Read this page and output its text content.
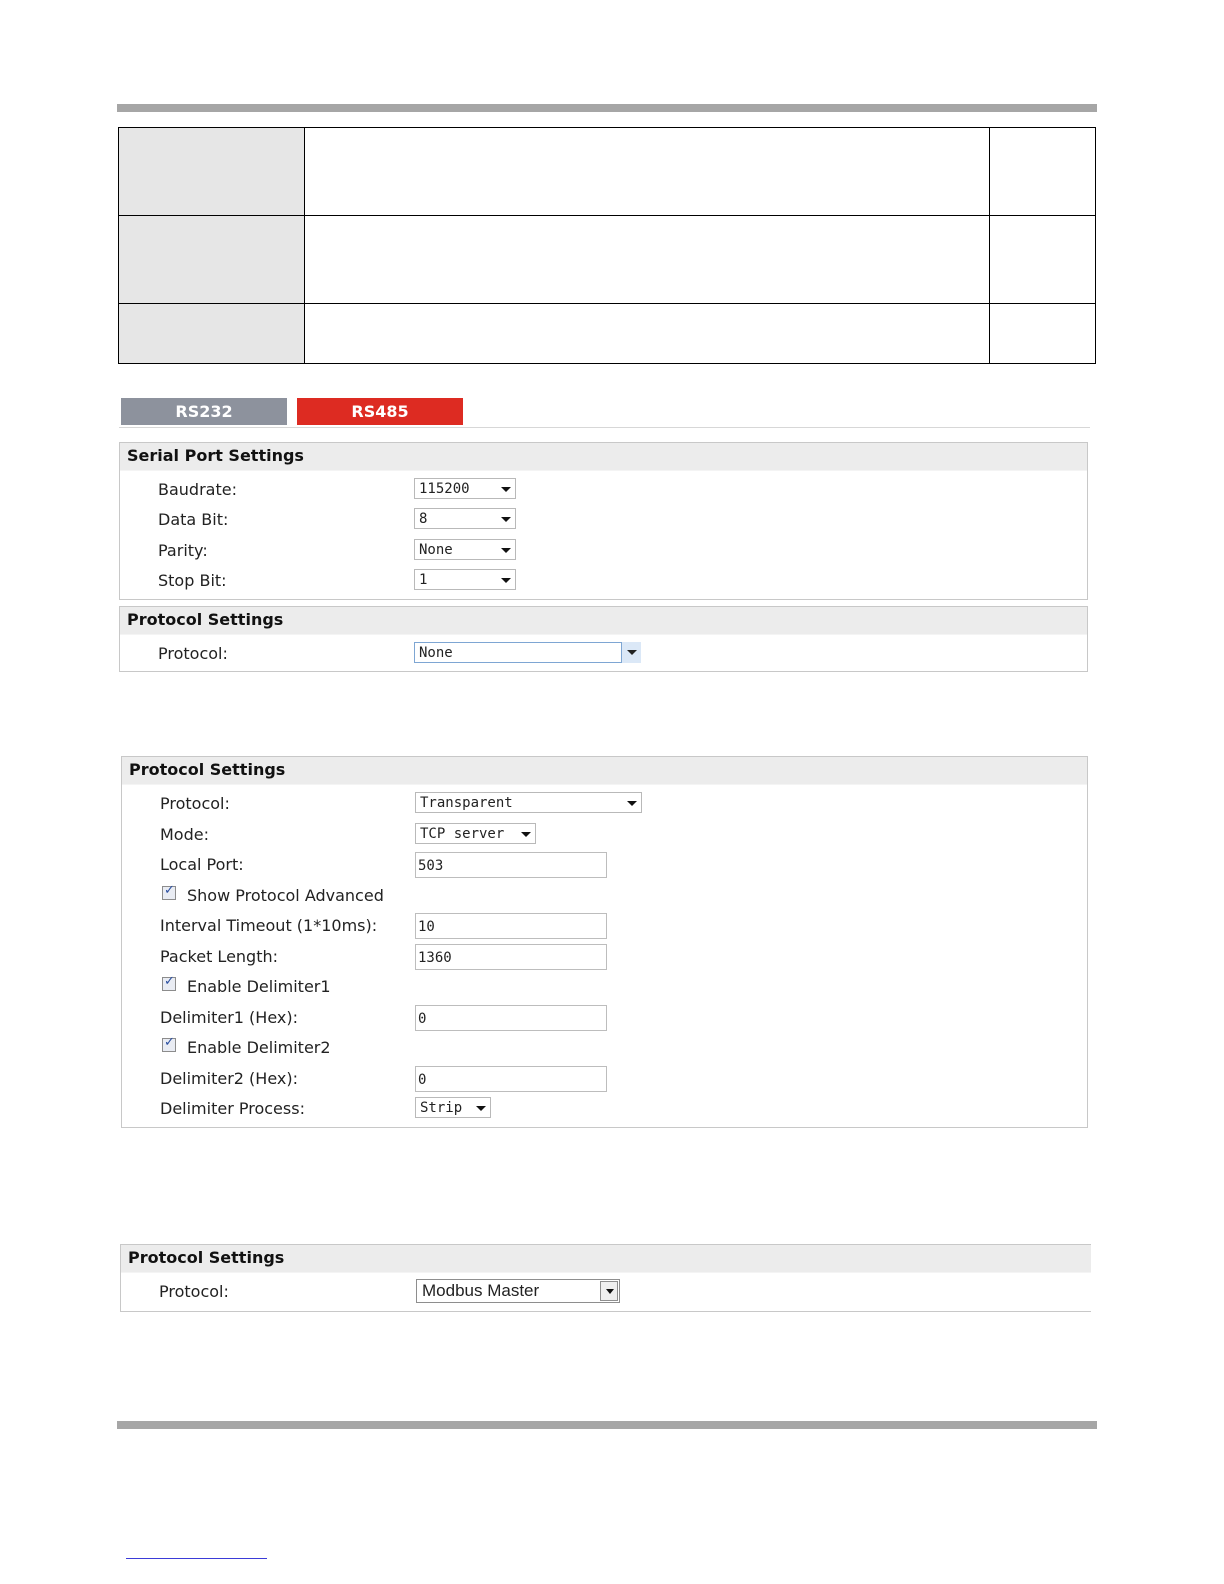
RS232	RS485
Serial Port Settings
Baudrate:	115200
Data Bit:	8
Parity:	None
Stop Bit:	1
Protocol Settings
Protocol:	None
Protocol Settings
Protocol:	Transparent
Mode:	TCP server
Local Port:	503
✓
Show Protocol Advanced
Interval Timeout (1*10ms):	10
Packet Length:	1360
✓
Enable Delimiter1
Delimiter1 (Hex):	0
✓
Enable Delimiter2
Delimiter2 (Hex):	0
Delimiter Process:	Strip
Protocol Settings
Protocol:	Modbus Master
